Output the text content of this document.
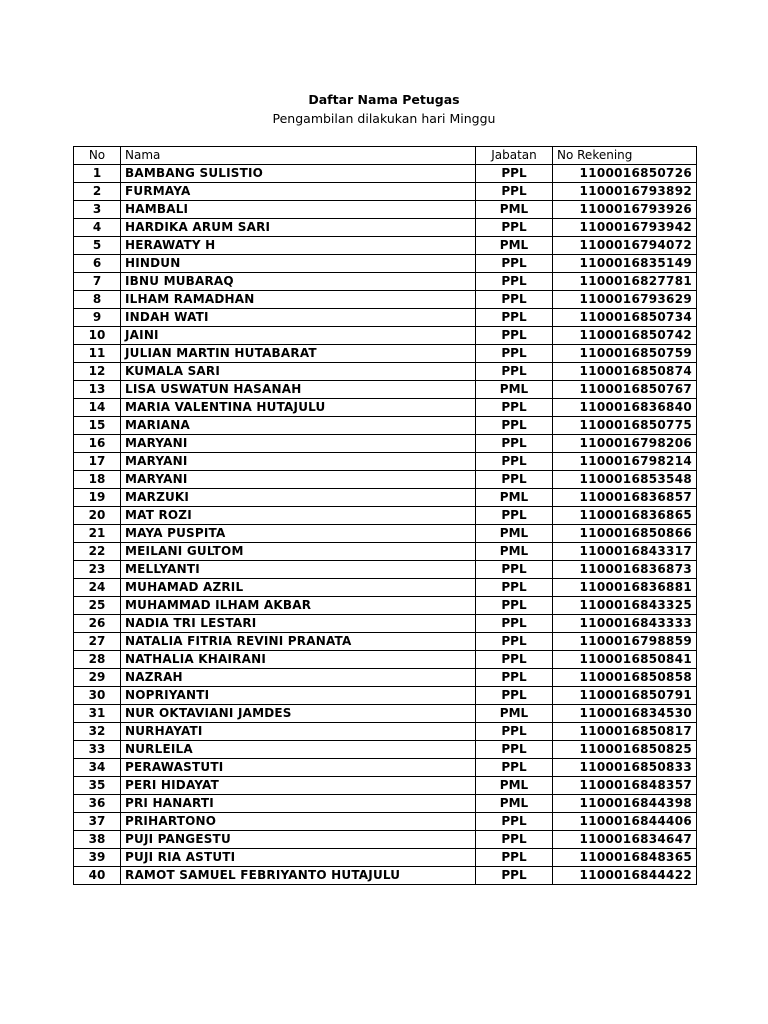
Daftar Nama Petugas
Pengambilan dilakukan hari Minggu
No	Nama	Jabatan	No Rekening
1	BAMBANG SULISTIO	PPL	1100016850726
2	FURMAYA	PPL	1100016793892
3	HAMBALI	PML	1100016793926
4	HARDIKA ARUM SARI	PPL	1100016793942
5	HERAWATY H	PML	1100016794072
6	HINDUN	PPL	1100016835149
7	IBNU MUBARAQ	PPL	1100016827781
8	ILHAM RAMADHAN	PPL	1100016793629
9	INDAH WATI	PPL	1100016850734
10	JAINI	PPL	1100016850742
11	JULIAN MARTIN HUTABARAT	PPL	1100016850759
12	KUMALA SARI	PPL	1100016850874
13	LISA USWATUN HASANAH	PML	1100016850767
14	MARIA VALENTINA HUTAJULU	PPL	1100016836840
15	MARIANA	PPL	1100016850775
16	MARYANI	PPL	1100016798206
17	MARYANI	PPL	1100016798214
18	MARYANI	PPL	1100016853548
19	MARZUKI	PML	1100016836857
20	MAT ROZI	PPL	1100016836865
21	MAYA PUSPITA	PML	1100016850866
22	MEILANI GULTOM	PML	1100016843317
23	MELLYANTI	PPL	1100016836873
24	MUHAMAD AZRIL	PPL	1100016836881
25	MUHAMMAD ILHAM AKBAR	PPL	1100016843325
26	NADIA TRI LESTARI	PPL	1100016843333
27	NATALIA FITRIA REVINI PRANATA	PPL	1100016798859
28	NATHALIA KHAIRANI	PPL	1100016850841
29	NAZRAH	PPL	1100016850858
30	NOPRIYANTI	PPL	1100016850791
31	NUR OKTAVIANI JAMDES	PML	1100016834530
32	NURHAYATI	PPL	1100016850817
33	NURLEILA	PPL	1100016850825
34	PERAWASTUTI	PPL	1100016850833
35	PERI HIDAYAT	PML	1100016848357
36	PRI HANARTI	PML	1100016844398
37	PRIHARTONO	PPL	1100016844406
38	PUJI PANGESTU	PPL	1100016834647
39	PUJI RIA ASTUTI	PPL	1100016848365
40	RAMOT SAMUEL FEBRIYANTO HUTAJULU	PPL	1100016844422
